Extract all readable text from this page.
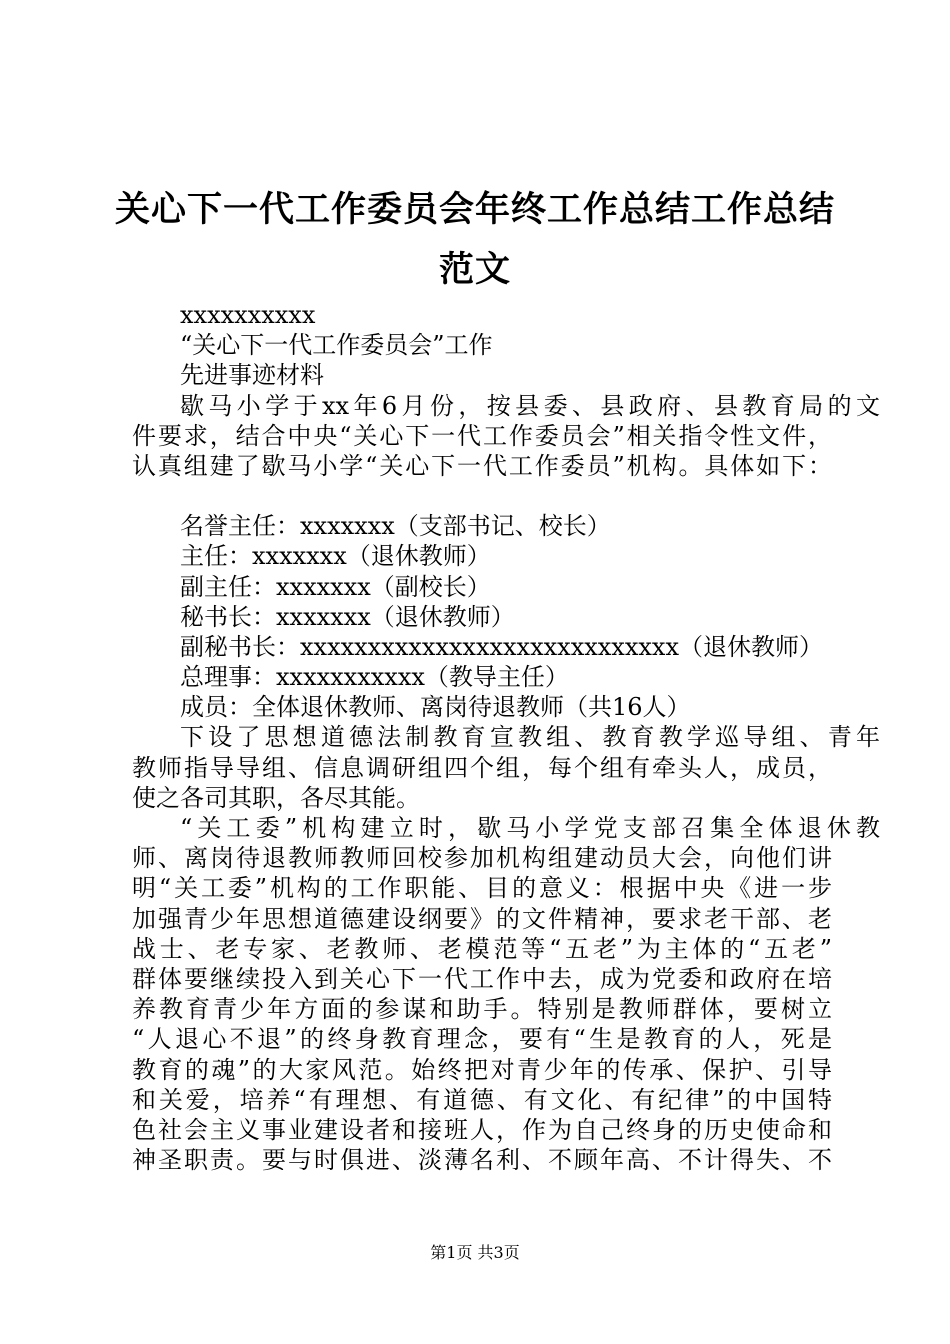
关心下一代工作委员会年终工作总结工作总结
范文
xxxxxxxxxx
“关心下一代工作委员会”工作
先进事迹材料
歇马小学于xx年6月份，按县委、县政府、县教育局的文
件要求，结合中央“关心下一代工作委员会”相关指令性文件，
认真组建了歇马小学“关心下一代工作委员”机构。具体如下：
名誉主任：xxxxxxx（支部书记、校长）
主任：xxxxxxx（退休教师）
副主任：xxxxxxx（副校长）
秘书长：xxxxxxx（退休教师）
副秘书长：xxxxxxxxxxxxxxxxxxxxxxxxxxxx（退休教师）
总理事：xxxxxxxxxxx（教导主任）
成员：全体退休教师、离岗待退教师（共16人）
下设了思想道德法制教育宣教组、教育教学巡导组、青年
教师指导导组、信息调研组四个组，每个组有牵头人，成员，
使之各司其职，各尽其能。
“关工委”机构建立时，歇马小学党支部召集全体退休教
师、离岗待退教师教师回校参加机构组建动员大会，向他们讲
明“关工委”机构的工作职能、目的意义：根据中央《进一步
加强青少年思想道德建设纲要》的文件精神，要求老干部、老
战士、老专家、老教师、老模范等“五老”为主体的“五老”
群体要继续投入到关心下一代工作中去，成为党委和政府在培
养教育青少年方面的参谋和助手。特别是教师群体，要树立
“人退心不退”的终身教育理念，要有“生是教育的人，死是
教育的魂”的大家风范。始终把对青少年的传承、保护、引导
和关爱，培养“有理想、有道德、有文化、有纪律”的中国特
色社会主义事业建设者和接班人，作为自己终身的历史使命和
神圣职责。要与时俱进、淡薄名利、不顾年高、不计得失、不
第1页 共3页
